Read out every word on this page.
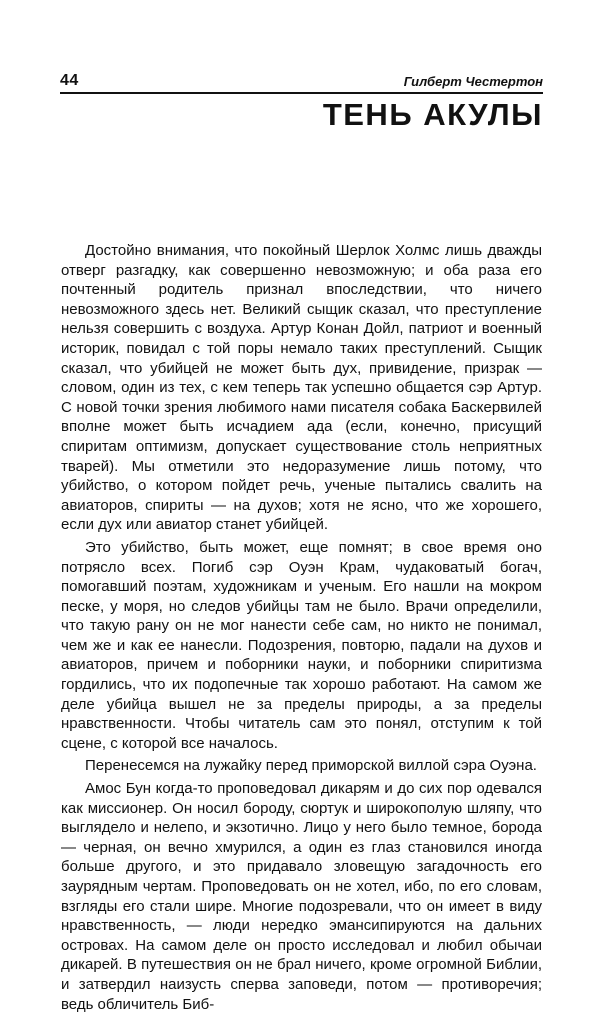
44	Гилберт Честертон
ТЕНЬ АКУЛЫ

Достойно внимания, что покойный Шерлок Холмс лишь дважды отверг разгадку, как совершенно невозможную; и оба раза его почтенный родитель признал впоследствии, что ничего невозможного здесь нет. Великий сыщик сказал, что преступление нельзя совершить с воздуха. Артур Конан Дойл, патриот и военный историк, повидал с той поры немало таких преступлений. Сыщик сказал, что убийцей не может быть дух, привидение, призрак — словом, один из тех, с кем теперь так успешно общается сэр Артур. С новой точки зрения любимого нами писателя собака Баскервилей вполне может быть исчадием ада (если, конечно, присущий спиритам оптимизм, допускает существование столь неприятных тварей). Мы отметили это недоразумение лишь потому, что убийство, о котором пойдет речь, ученые пытались свалить на авиаторов, спириты — на духов; хотя не ясно, что же хорошего, если дух или авиатор станет убийцей.

Это убийство, быть может, еще помнят; в свое время оно потрясло всех. Погиб сэр Оуэн Крам, чудаковатый богач, помогавший поэтам, художникам и ученым. Его нашли на мокром песке, у моря, но следов убийцы там не было. Врачи определили, что такую рану он не мог нанести себе сам, но никто не понимал, чем же и как ее нанесли. Подозрения, повторю, падали на духов и авиаторов, причем и поборники науки, и поборники спиритизма гордились, что их подопечные так хорошо работают. На самом же деле убийца вышел не за пределы природы, а за пределы нравственности. Чтобы читатель сам это понял, отступим к той сцене, с которой все началось.

Перенесемся на лужайку перед приморской виллой сэра Оуэна.

Амос Бун когда-то проповедовал дикарям и до сих пор одевался как миссионер. Он носил бороду, сюртук и широкополую шляпу, что выглядело и нелепо, и экзотично. Лицо у него было темное, борода — черная, он вечно хмурился, а один ез глаз становился иногда больше другого, и это придавало зловещую загадочность его заурядным чертам. Проповедовать он не хотел, ибо, по его словам, взгляды его стали шире. Многие подозревали, что он имеет в виду нравственность, — люди нередко эмансипируются на дальних островах. На самом деле он просто исследовал и любил обычаи дикарей. В путешествия он не брал ничего, кроме огромной Библии, и затвердил наизусть сперва заповеди, потом — противоречия; ведь обличитель Биб-
